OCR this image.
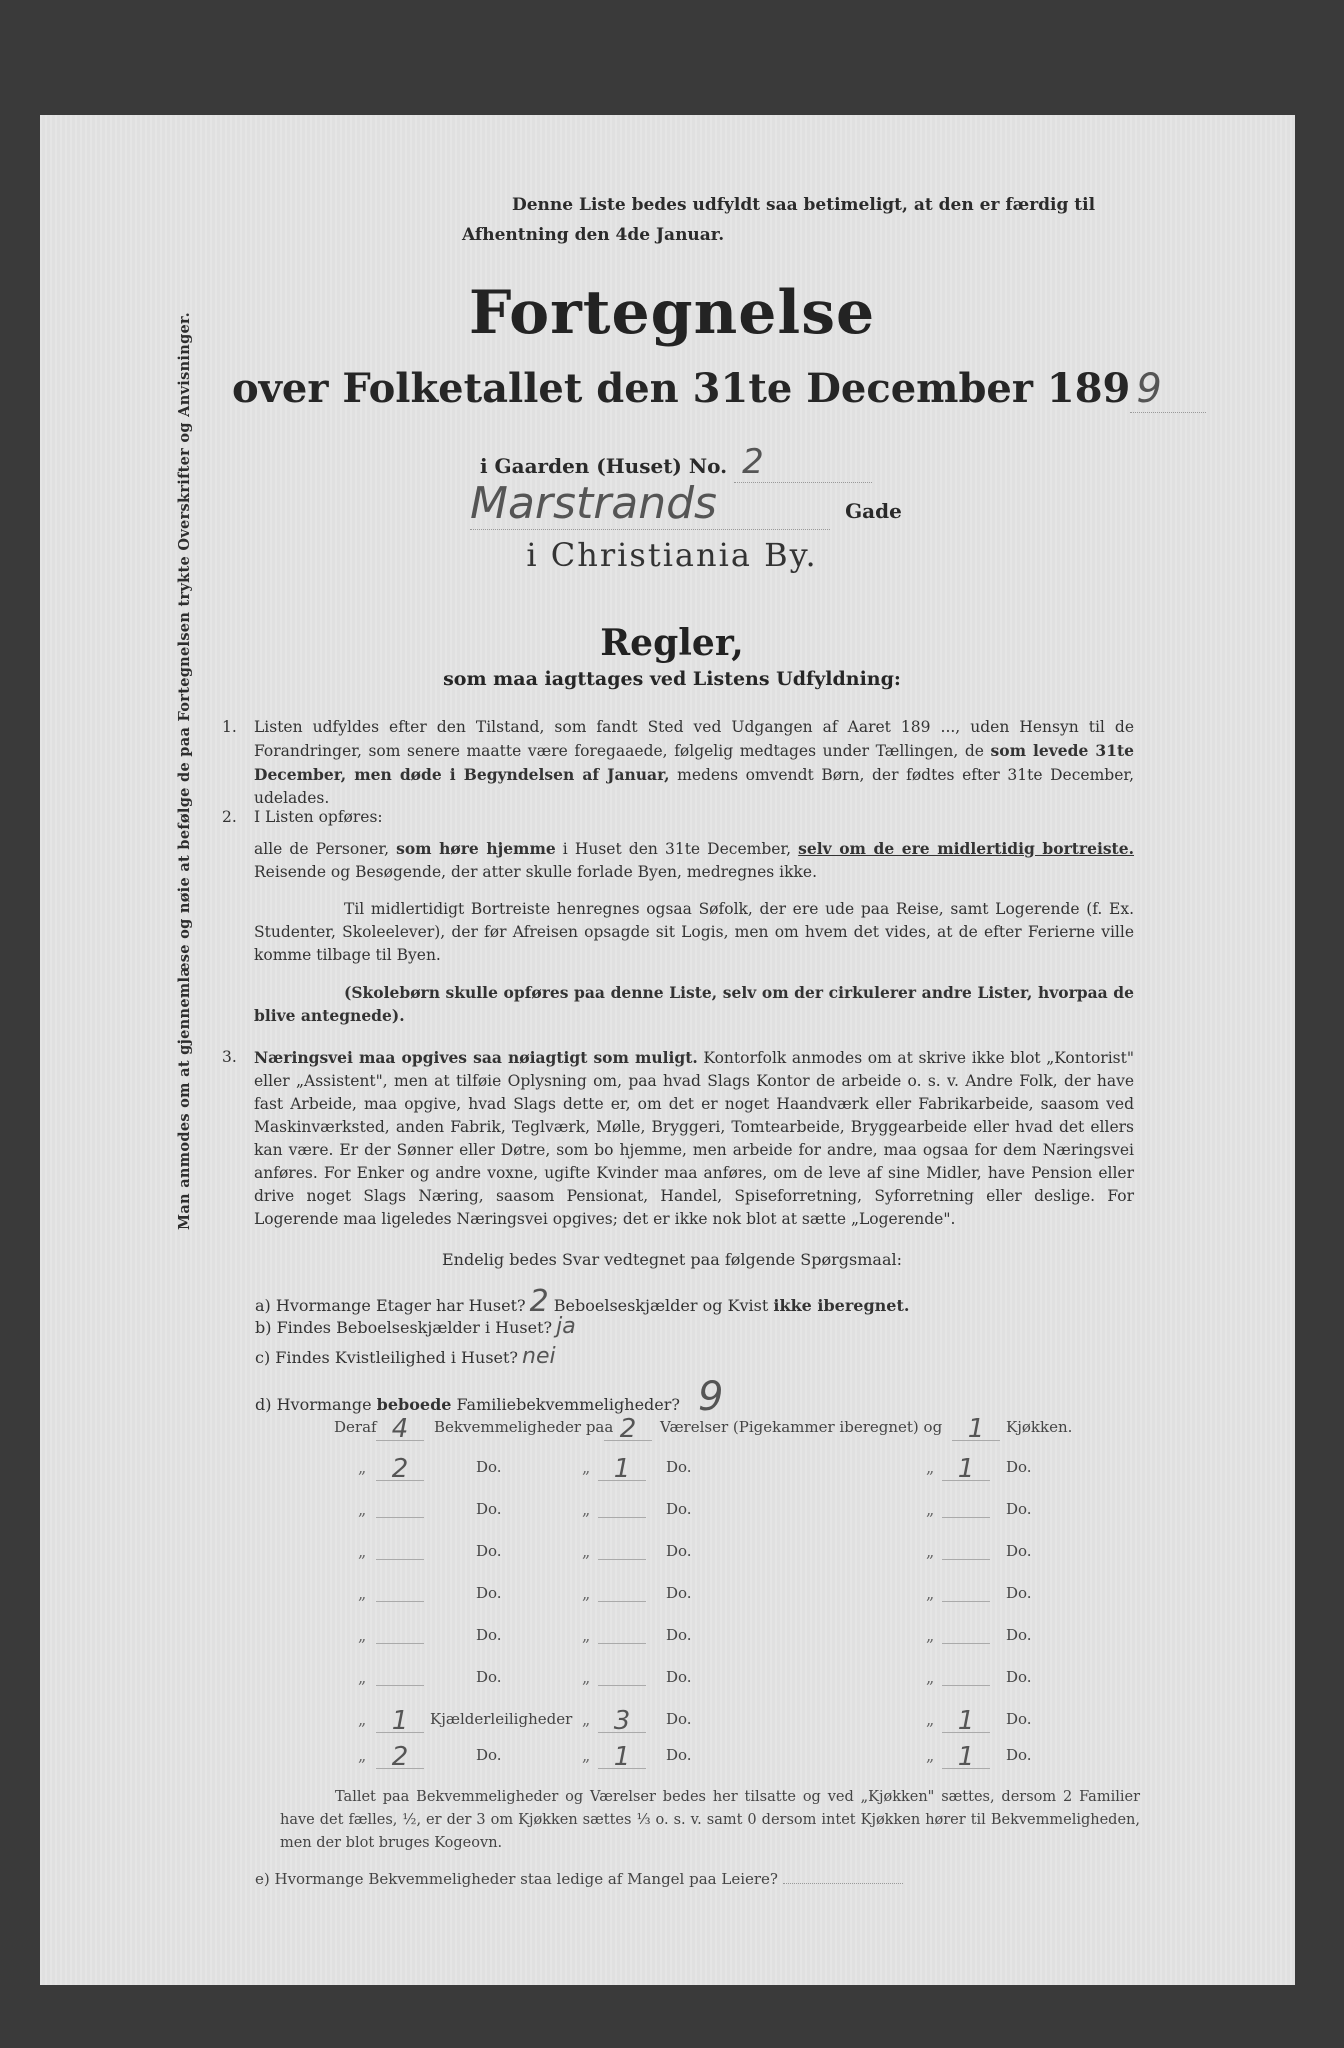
Man anmodes om at gjennemlæse og nøie at befølge de paa Fortegnelsen trykte Overskrifter og Anvisninger.
Denne Liste bedes udfyldt saa betimeligt, at den er færdig til
Afhentning den 4de Januar.
Fortegnelse
over Folketallet den 31te December 189 9
i Gaarden (Huset) No. 2
Marstrands	Gade
i Christiania By.
Regler,
som maa iagttages ved Listens Udfyldning:
1. Listen udfyldes efter den Tilstand, som fandt Sted ved Udgangen af Aaret 189 ..., uden Hensyn til de Forandringer, som senere maatte være foregaaede, følgelig medtages under Tællingen, de som levede 31te December, men døde i Begyndelsen af Januar, medens omvendt Børn, der fødtes efter 31te December, udelades.
2. I Listen opføres:
alle de Personer, som høre hjemme i Huset den 31te December, selv om de ere midlertidig bortreiste. Reisende og Besøgende, der atter skulle forlade Byen, medregnes ikke.
Til midlertidigt Bortreiste henregnes ogsaa Søfolk, der ere ude paa Reise, samt Logerende (f. Ex. Studenter, Skoleelever), der før Afreisen opsagde sit Logis, men om hvem det vides, at de efter Ferierne ville komme tilbage til Byen.
(Skolebørn skulle opføres paa denne Liste, selv om der cirkulerer andre Lister, hvorpaa de blive antegnede).
3. Næringsvei maa opgives saa nøiagtigt som muligt. Kontorfolk anmodes om at skrive ikke blot „Kontorist" eller „Assistent", men at tilføie Oplysning om, paa hvad Slags Kontor de arbeide o. s. v. Andre Folk, der have fast Arbeide, maa opgive, hvad Slags dette er, om det er noget Haandværk eller Fabrikarbeide, saasom ved Maskinværksted, anden Fabrik, Teglværk, Mølle, Bryggeri, Tomtearbeide, Bryggearbeide eller hvad det ellers kan være. Er der Sønner eller Døtre, som bo hjemme, men arbeide for andre, maa ogsaa for dem Næringsvei anføres. For Enker og andre voxne, ugifte Kvinder maa anføres, om de leve af sine Midler, have Pension eller drive noget Slags Næring, saasom Pensionat, Handel, Spiseforretning, Syforretning eller deslige. For Logerende maa ligeledes Næringsvei opgives; det er ikke nok blot at sætte „Logerende".
Endelig bedes Svar vedtegnet paa følgende Spørgsmaal:
a) Hvormange Etager har Huset? 2 Beboelseskjælder og Kvist ikke iberegnet.
b) Findes Beboelseskjælder i Huset? ja
c) Findes Kvistleilighed i Huset? nei
d) Hvormange beboede Familiebekvemmeligheder? 9
Deraf 4	Bekvemmeligheder paa 2	Værelser (Pigekammer iberegnet) og 1	Kjøkken.
„ 2	Do.	„ 1	Do.	„ 1	Do.
„	Do.	„	Do.	„	Do.
„	Do.	„	Do.	„	Do.
„	Do.	„	Do.	„	Do.
„	Do.	„	Do.	„	Do.
„	Do.	„	Do.	„	Do.
„ 1	Kjælderleiligheder „ 3	Do.	„ 1	Do.
„ 2	Do.	„ 1	Do.	„ 1	Do.
Tallet paa Bekvemmeligheder og Værelser bedes her tilsatte og ved „Kjøkken" sættes, dersom 2 Familier have det fælles, ½, er der 3 om Kjøkken sættes ⅓ o. s. v. samt 0 dersom intet Kjøkken hører til Bekvemmeligheden, men der blot bruges Kogeovn.
e) Hvormange Bekvemmeligheder staa ledige af Mangel paa Leiere?
